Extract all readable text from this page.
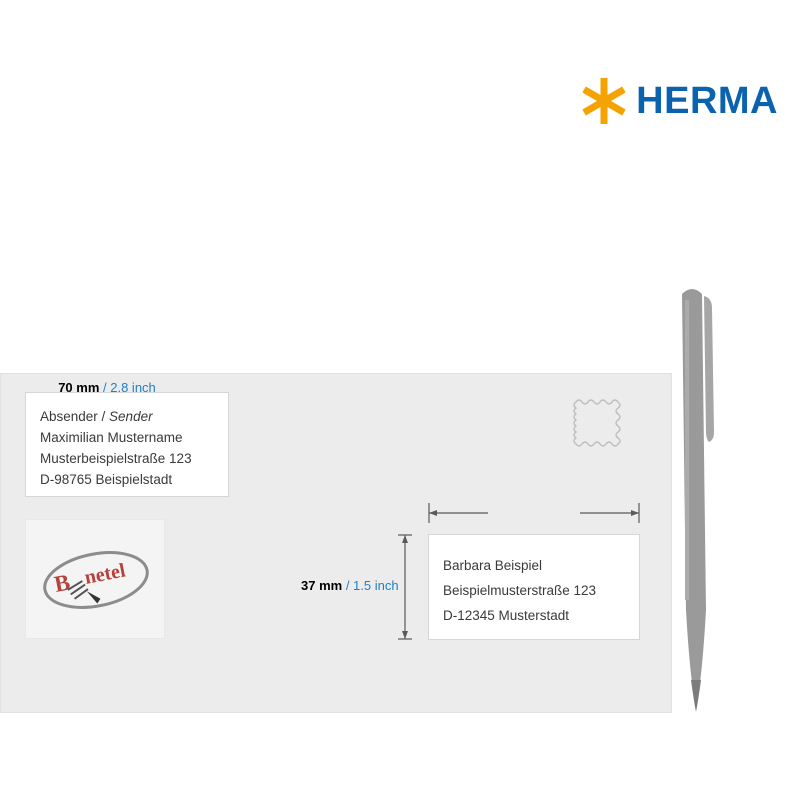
HERMA
Absender / Sender
Maximilian Mustername
Musterbeispielstraße 123
D-98765 Beispielstadt
B netel	Barbara Beispiel
Beispielmusterstraße 123
D-12345 Musterstadt
70 mm / 2.8 inch
37 mm / 1.5 inch
